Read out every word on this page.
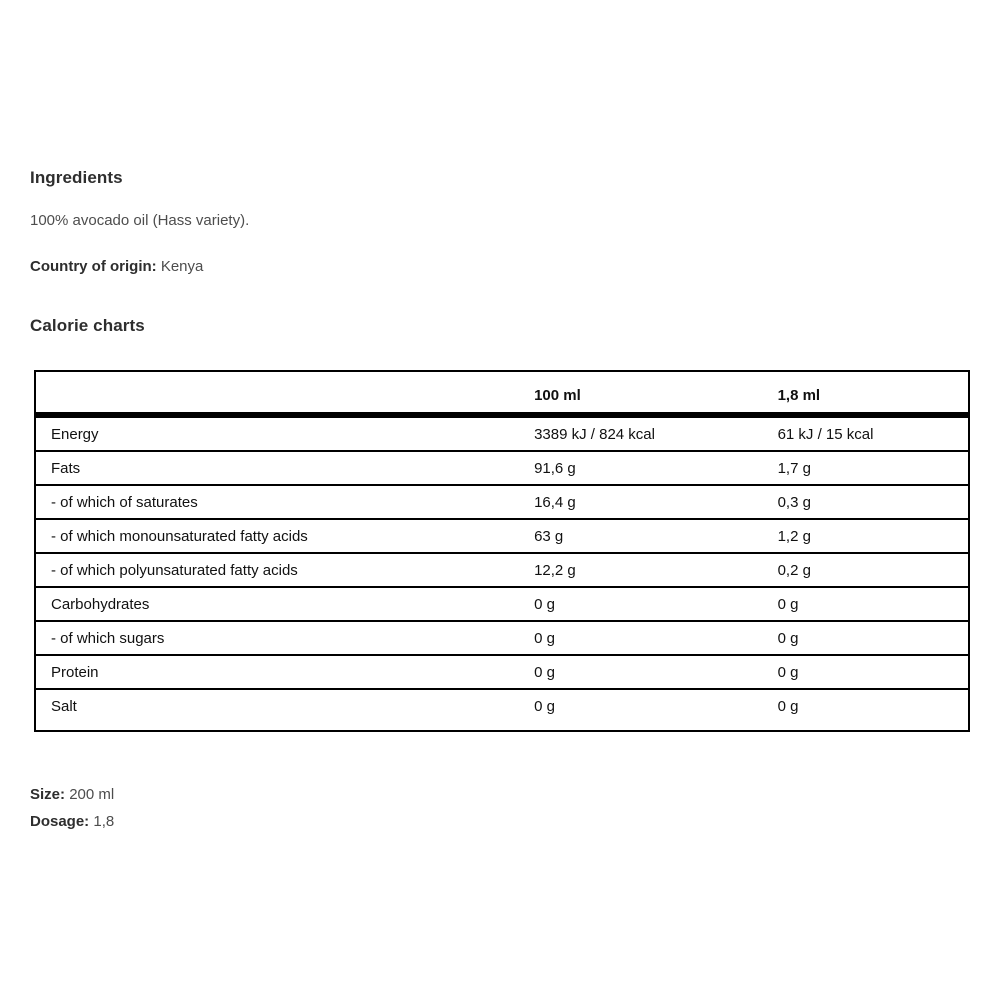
Ingredients

100% avocado oil (Hass variety).

Country of origin: Kenya

Calorie charts
	100 ml	1,8 ml
Energy	3389 kJ / 824 kcal	61 kJ / 15 kcal
Fats	91,6 g	1,7 g
- of which of saturates	16,4 g	0,3 g
- of which monounsaturated fatty acids	63 g	1,2 g
- of which polyunsaturated fatty acids	12,2 g	0,2 g
Carbohydrates	0 g	0 g
- of which sugars	0 g	0 g
Protein	0 g	0 g
Salt	0 g	0 g

Size: 200 ml

Dosage: 1,8
